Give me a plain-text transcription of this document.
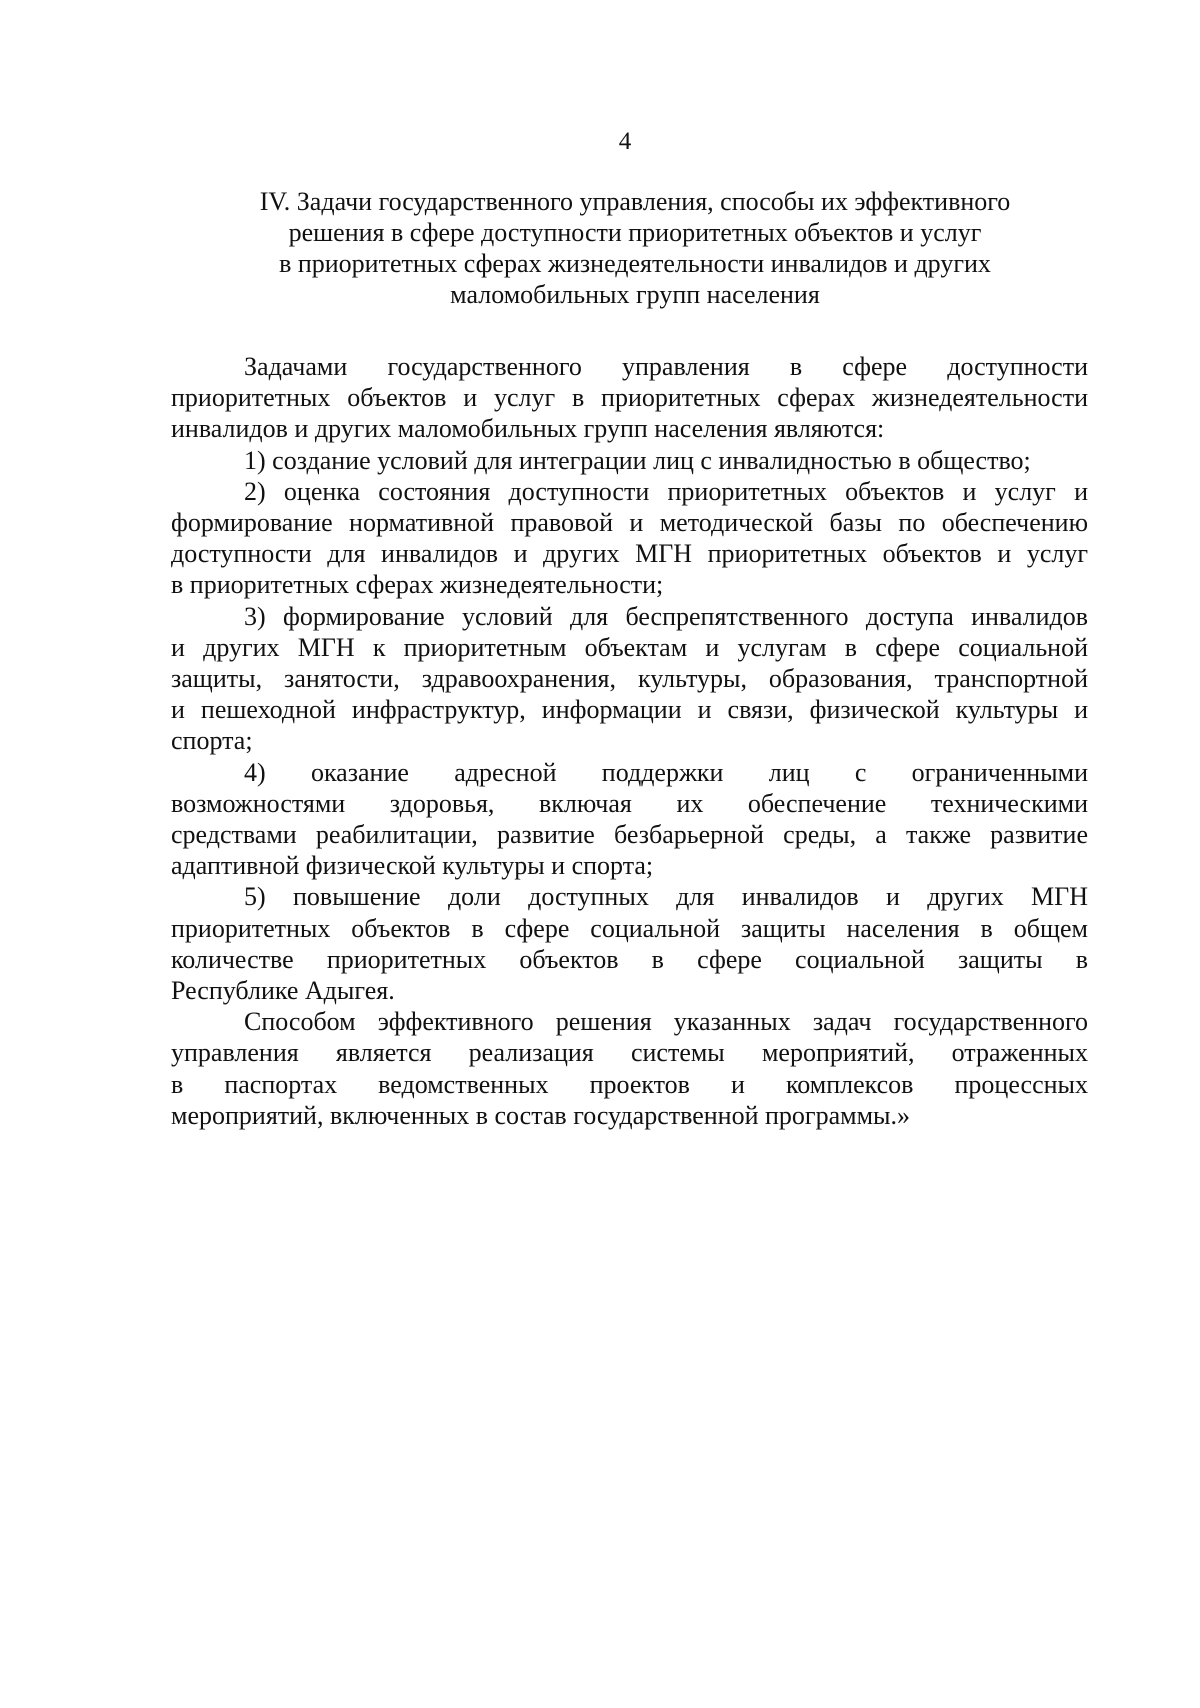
4
IV. Задачи государственного управления, способы их эффективного
решения в сфере доступности приоритетных объектов и услуг
в приоритетных сферах жизнедеятельности инвалидов и других
маломобильных групп населения
Задачами государственного управления в сфере доступности
приоритетных объектов и услуг в приоритетных сферах жизнедеятельности
инвалидов и других маломобильных групп населения являются:
1) создание условий для интеграции лиц с инвалидностью в общество;
2) оценка состояния доступности приоритетных объектов и услуг и
формирование нормативной правовой и методической базы по обеспечению
доступности для инвалидов и других МГН приоритетных объектов и услуг
в приоритетных сферах жизнедеятельности;
3) формирование условий для беспрепятственного доступа инвалидов
и других МГН к приоритетным объектам и услугам в сфере социальной
защиты, занятости, здравоохранения, культуры, образования, транспортной
и пешеходной инфраструктур, информации и связи, физической культуры и
спорта;
4) оказание адресной поддержки лиц с ограниченными
возможностями здоровья, включая их обеспечение техническими
средствами реабилитации, развитие безбарьерной среды, а также развитие
адаптивной физической культуры и спорта;
5) повышение доли доступных для инвалидов и других МГН
приоритетных объектов в сфере социальной защиты населения в общем
количестве приоритетных объектов в сфере социальной защиты в
Республике Адыгея.
Способом эффективного решения указанных задач государственного
управления является реализация системы мероприятий, отраженных
в паспортах ведомственных проектов и комплексов процессных
мероприятий, включенных в состав государственной программы.»
